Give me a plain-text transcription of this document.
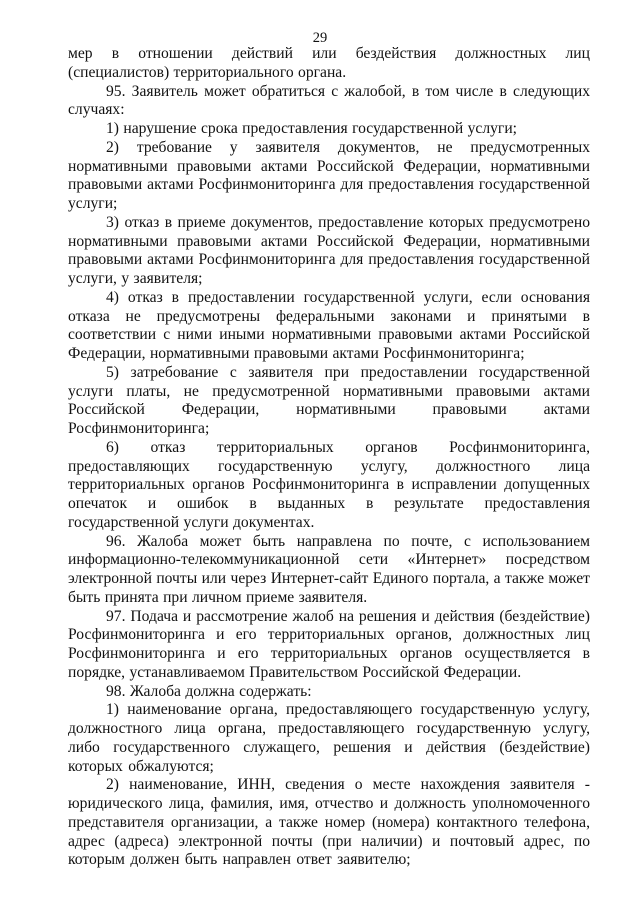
29

мер в отношении действий или бездействия должностных лиц (специалистов) территориального органа.

95. Заявитель может обратиться с жалобой, в том числе в следующих случаях:

1) нарушение срока предоставления государственной услуги;

2) требование у заявителя документов, не предусмотренных нормативными правовыми актами Российской Федерации, нормативными правовыми актами Росфинмониторинга для предоставления государственной услуги;

3) отказ в приеме документов, предоставление которых предусмотрено нормативными правовыми актами Российской Федерации, нормативными правовыми актами Росфинмониторинга для предоставления государственной услуги, у заявителя;

4) отказ в предоставлении государственной услуги, если основания отказа не предусмотрены федеральными законами и принятыми в соответствии с ними иными нормативными правовыми актами Российской Федерации, нормативными правовыми актами Росфинмониторинга;

5) затребование с заявителя при предоставлении государственной услуги платы, не предусмотренной нормативными правовыми актами Российской Федерации, нормативными правовыми актами Росфинмониторинга;

6) отказ территориальных органов Росфинмониторинга, предоставляющих государственную услугу, должностного лица территориальных органов Росфинмониторинга в исправлении допущенных опечаток и ошибок в выданных в результате предоставления государственной услуги документах.

96. Жалоба может быть направлена по почте, с использованием информационно-телекоммуникационной сети «Интернет» посредством электронной почты или через Интернет-сайт Единого портала, а также может быть принята при личном приеме заявителя.

97. Подача и рассмотрение жалоб на решения и действия (бездействие) Росфинмониторинга и его территориальных органов, должностных лиц Росфинмониторинга и его территориальных органов осуществляется в порядке, устанавливаемом Правительством Российской Федерации.

98. Жалоба должна содержать:

1) наименование органа, предоставляющего государственную услугу, должностного лица органа, предоставляющего государственную услугу, либо государственного служащего, решения и действия (бездействие) которых обжалуются;

2) наименование, ИНН, сведения о месте нахождения заявителя - юридического лица, фамилия, имя, отчество и должность уполномоченного представителя организации, а также номер (номера) контактного телефона, адрес (адреса) электронной почты (при наличии) и почтовый адрес, по которым должен быть направлен ответ заявителю;
